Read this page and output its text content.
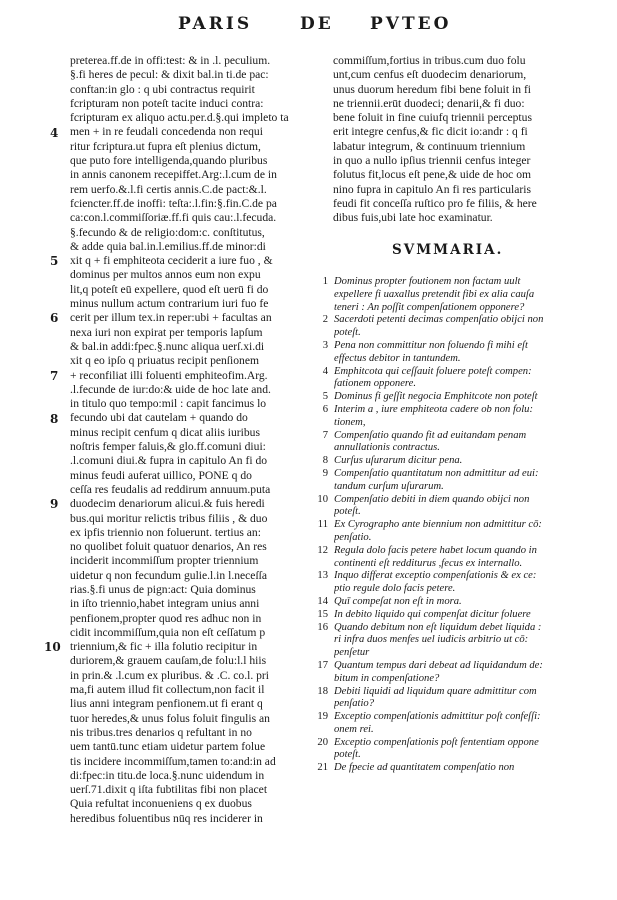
PARIS	DE PVTEO
preterea.ff.de in offi:test: & in .l. peculium.
§.fi heres de pecul: & dixit bal.in ti.de pac:
conftan:in glo : q ubi contractus requirit
fcripturam non poteſt tacite induci contra:
fcripturam ex aliquo actu.per.d.§.qui impleto ta
men + in re feudali concedenda non requi
ritur fcriptura.ut fupra eſt plenius dictum,
que puto fore intelligenda,quando pluribus
in annis canonem recepiffet.Arg:.l.cum de in
rem uerfo.&.l.fi certis annis.C.de pact:&.l.
fciencter.ff.de inoffi: teſta:.l.fin:§.fin.C.de pa
ca:con.l.commiſſoriæ.ff.fi quis cau:.l.fecuda.
§.fecundo & de religio:dom:c. conſtitutus,
& adde quia bal.in.l.emilius.ff.de minor:di
xit q + fi emphiteota ceciderit a iure fuo , &
dominus per multos annos eum non expu
lit,q poteſt eū expellere, quod eſt uerū fi do
minus nullum actum contrarium iuri fuo fe
cerit per illum tex.in reper:ubi + facultas an
nexa iuri non expirat per temporis lapſum
& bal.in addi:fpec.§.nunc aliqua uerſ.xi.di
xit q eo ipſo q priuatus recipit penſionem
+ reconfiliat illi foluenti emphiteofim.Arg.
.l.fecunde de iur:do:& uide de hoc late and.
in titulo quo tempo:mil : capit fancimus lo
fecundo ubi dat cautelam + quando do
minus recipit cenfum q dicat aliis iuribus
noſtris femper faluis,& glo.ff.comuni diui:
.l.comuni diui.& fupra in capitulo An fi do
minus feudi auferat uillico, PONE q do
ceſſa res feudalis ad reddirum annuum.puta
duodecim denariorum alicui.& fuis heredi
bus.qui moritur relictis tribus filiis , & duo
ex ipfis triennio non foluerunt. tertius an:
no quolibet foluit quatuor denarios, An res
inciderit incommiſſum propter triennium
uidetur q non fecundum gulie.l.in l.neceſſa
rias.§.fi unus de pign:act: Quia dominus
in iſto triennio,habet integram unius anni
penfionem,propter quod res adhuc non in
cidit incommiſſum,quia non eſt ceſſatum p
triennium,& fic + illa folutio recipitur in
duriorem,& grauem cauſam,de folu:l.l hiis
in prin.& .l.cum ex pluribus. & .C. co.l. pri
ma,fi autem illud fit collectum,non facit il
lius anni integram penfionem.ut fi erant q
tuor heredes,& unus folus foluit fingulis an
nis tribus.tres denarios q refultant in no
uem tantū.tunc etiam uidetur partem folue
tis incidere incommiſſum,tamen to:and:in ad
di:fpec:in titu.de loca.§.nunc uidendum in
uerſ.71.dixit q iſta fubtilitas fibi non placet
Quia refultat inconueniens q ex duobus
heredibus foluentibus nūq res inciderer in
4
5
6
7
8
9
10
commiſſum,fortius in tribus.cum duo folu
unt,cum cenfus eſt duodecim denariorum,
unus duorum heredum fibi bene foluit in fi
ne triennii.erūt duodeci; denarii,& fi duo:
bene foluit in fine cuiufq triennii perceptus
erit integre cenfus,& fic dicit io:andr : q fi
labatur integrum, & continuum triennium
in quo a nullo ipſius triennii cenfus integer
folutus fit,locus eſt pene,& uide de hoc om
nino fupra in capitulo An fi res particularis
feudi fit conceſſa ruſtico pro fe filiis, & here
dibus fuis,ubi late hoc examinatur.
SVMMARIA.
1 Dominus propter foutionem non factam uult
expellere fi uaxallus pretendit fibi ex alia cauſa
teneri : An poſſit compenſationem opponere?
2 Sacerdoti petenti decimas compenſatio obijci non
poteſt.
3 Pena non committitur non foluendo fi mihi eſt
effectus debitor in tantundem.
4 Emphitcota qui ceſſauit foluere poteſt compen:
fationem opponere.
5 Dominus fi geſſit negocia Emphitcote non poteſt
6 Interim a , iure emphiteota cadere ob non folu:
tionem,
7 Compenſatio quando fit ad euitandam penam
annullationis contractus.
8 Curſus uſurarum dicitur pena.
9 Compenſatio quantitatum non admittitur ad eui:
tandum curſum uſurarum.
10 Compenſatio debiti in diem quando obijci non
poteſt.
11 Ex Cyrographo ante biennium non admittitur cō:
penſatio.
12 Regula dolo facis petere habet locum quando in
continenti eſt redditurus ,fecus ex internallo.
13 Inquo differat exceptio compenſationis & ex ce:
ptio regule dolo facis petere.
14 Quī compeſat non eſt in mora.
15 In debito liquido qui compenſat dicitur foluere
16 Quando debitum non eſt liquidum debet liquida :
ri infra duos menfes uel iudicis arbitrio ut cō:
penſetur
17 Quantum tempus dari debeat ad liquidandum de:
bitum in compenſatione?
18 Debiti liquidi ad liquidum quare admittitur com
penſatio?
19 Exceptio compenſationis admittitur poſt confeſſi:
onem rei.
20 Exceptio compenſationis poſt fententiam oppone
poteſt.
21 De fpecie ad quantitatem compenſatio non
